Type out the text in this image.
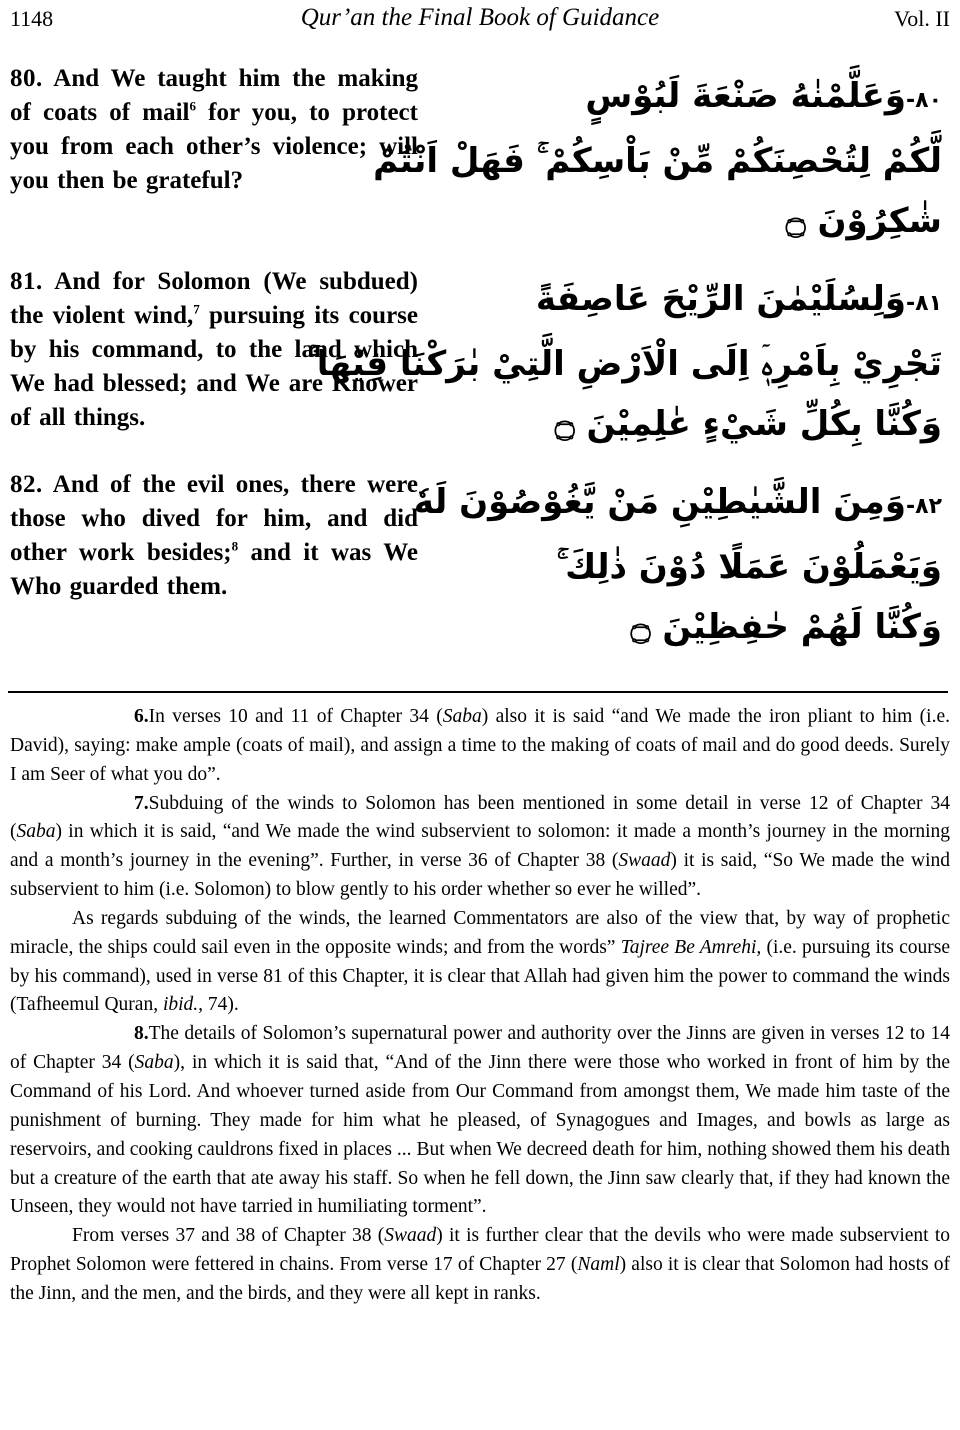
1148	Qur’an the Final Book of Guidance	Vol. II
80. And We taught him the making of coats of mail$^6$ for you, to protect you from each other’s violence; will you then be grateful?
۸۰-وَعَلَّمْنٰهُ صَنْعَةَ لَبُوْسٍ
لَّكُمْ لِتُحْصِنَكُمْ مِّنْ بَاْسِكُمْ ۚ فَهَلْ اَنْتُمْ
شٰكِرُوْنَ ۝
81. And for Solomon (We subdued) the violent wind,$^7$ pursuing its course by his command, to the land which We had blessed; and We are Knower of all things.
۸۱-وَلِسُلَيْمٰنَ الرِّيْحَ عَاصِفَةً
تَجْرِيْ بِاَمْرِهٖۤ اِلَى الْاَرْضِ الَّتِيْ بٰرَكْنَا فِيْهَا ۚ
وَكُنَّا بِكُلِّ شَيْءٍ عٰلِمِيْنَ ۝
82. And of the evil ones, there were those who dived for him, and did other work besides;$^8$ and it was We Who guarded them.
۸۲-وَمِنَ الشَّيٰطِيْنِ مَنْ يَّغُوْصُوْنَ لَهٗ
وَيَعْمَلُوْنَ عَمَلًا دُوْنَ ذٰلِكَ ۚ
وَكُنَّا لَهُمْ حٰفِظِيْنَ ۝

6.In verses 10 and 11 of Chapter 34 (Saba) also it is said “and We made the iron pliant to him (i.e. David), saying: make ample (coats of mail), and assign a time to the making of coats of mail and do good deeds. Surely I am Seer of what you do”.

7.Subduing of the winds to Solomon has been mentioned in some detail in verse 12 of Chapter 34 (Saba) in which it is said, “and We made the wind subservient to solomon: it made a month’s journey in the morning and a month’s journey in the evening”. Further, in verse 36 of Chapter 38 (Swaad) it is said, “So We made the wind subservient to him (i.e. Solomon) to blow gently to his order whether so ever he willed”.

As regards subduing of the winds, the learned Commentators are also of the view that, by way of prophetic miracle, the ships could sail even in the opposite winds; and from the words” Tajree Be Amrehi, (i.e. pursuing its course by his command), used in verse 81 of this Chapter, it is clear that Allah had given him the power to command the winds (Tafheemul Quran, ibid., 74).

8.The details of Solomon’s supernatural power and authority over the Jinns are given in verses 12 to 14 of Chapter 34 (Saba), in which it is said that, “And of the Jinn there were those who worked in front of him by the Command of his Lord. And whoever turned aside from Our Command from amongst them, We made him taste of the punishment of burning. They made for him what he pleased, of Synagogues and Images, and bowls as large as reservoirs, and cooking cauldrons fixed in places ... But when We decreed death for him, nothing showed them his death but a creature of the earth that ate away his staff. So when he fell down, the Jinn saw clearly that, if they had known the Unseen, they would not have tarried in humiliating torment”.

From verses 37 and 38 of Chapter 38 (Swaad) it is further clear that the devils who were made subservient to Prophet Solomon were fettered in chains. From verse 17 of Chapter 27 (Naml) also it is clear that Solomon had hosts of the Jinn, and the men, and the birds, and they were all kept in ranks.
